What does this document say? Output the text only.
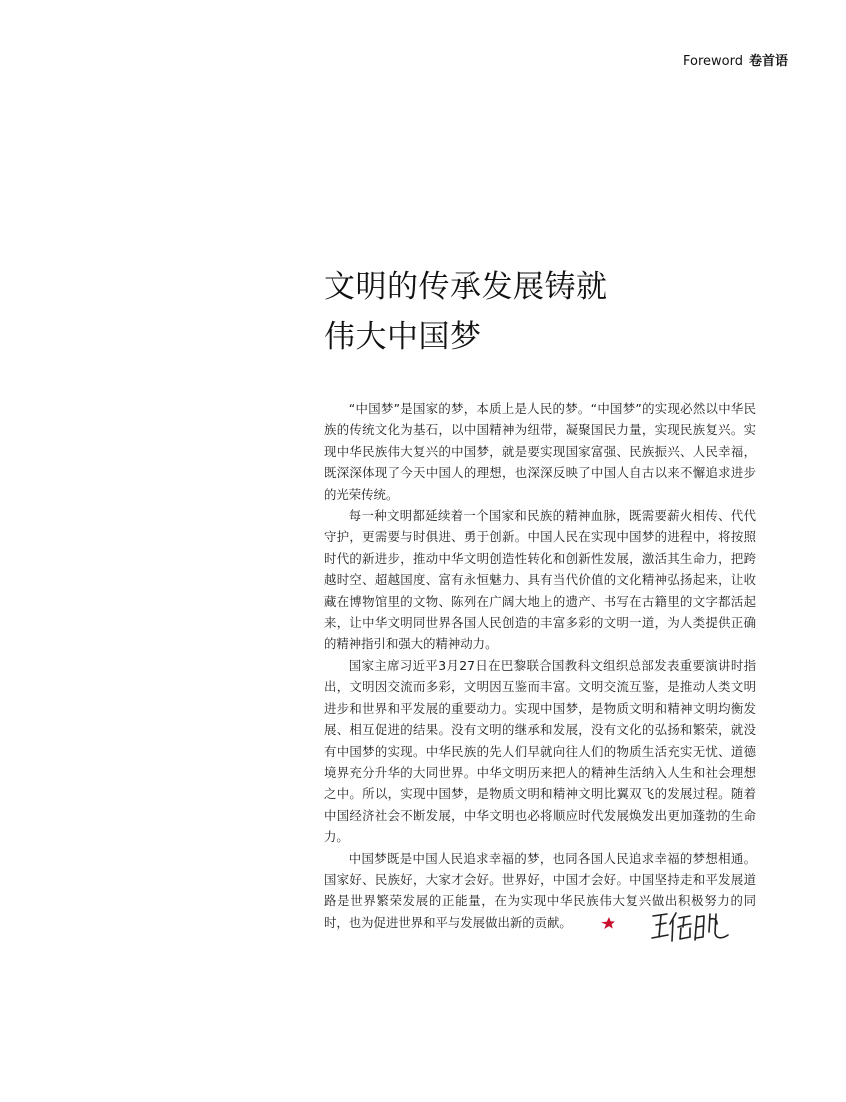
Foreword 卷首语
文明的传承发展铸就
伟大中国梦

“中国梦”是国家的梦，本质上是人民的梦。“中国梦”的实现必然以中华民族的传统文化为基石，以中国精神为纽带，凝聚国民力量，实现民族复兴。实现中华民族伟大复兴的中国梦，就是要实现国家富强、民族振兴、人民幸福，既深深体现了今天中国人的理想，也深深反映了中国人自古以来不懈追求进步的光荣传统。

每一种文明都延续着一个国家和民族的精神血脉，既需要薪火相传、代代守护，更需要与时俱进、勇于创新。中国人民在实现中国梦的进程中，将按照时代的新进步，推动中华文明创造性转化和创新性发展，激活其生命力，把跨越时空、超越国度、富有永恒魅力、具有当代价值的文化精神弘扬起来，让收藏在博物馆里的文物、陈列在广阔大地上的遗产、书写在古籍里的文字都活起来，让中华文明同世界各国人民创造的丰富多彩的文明一道，为人类提供正确的精神指引和强大的精神动力。

国家主席习近平3月27日在巴黎联合国教科文组织总部发表重要演讲时指出，文明因交流而多彩，文明因互鉴而丰富。文明交流互鉴，是推动人类文明进步和世界和平发展的重要动力。实现中国梦，是物质文明和精神文明均衡发展、相互促进的结果。没有文明的继承和发展，没有文化的弘扬和繁荣，就没有中国梦的实现。中华民族的先人们早就向往人们的物质生活充实无忧、道德境界充分升华的大同世界。中华文明历来把人的精神生活纳入人生和社会理想之中。所以，实现中国梦，是物质文明和精神文明比翼双飞的发展过程。随着中国经济社会不断发展，中华文明也必将顺应时代发展焕发出更加蓬勃的生命力。

中国梦既是中国人民追求幸福的梦，也同各国人民追求幸福的梦想相通。国家好、民族好，大家才会好。世界好，中国才会好。中国坚持走和平发展道路是世界繁荣发展的正能量，在为实现中华民族伟大复兴做出积极努力的同时，也为促进世界和平与发展做出新的贡献。
